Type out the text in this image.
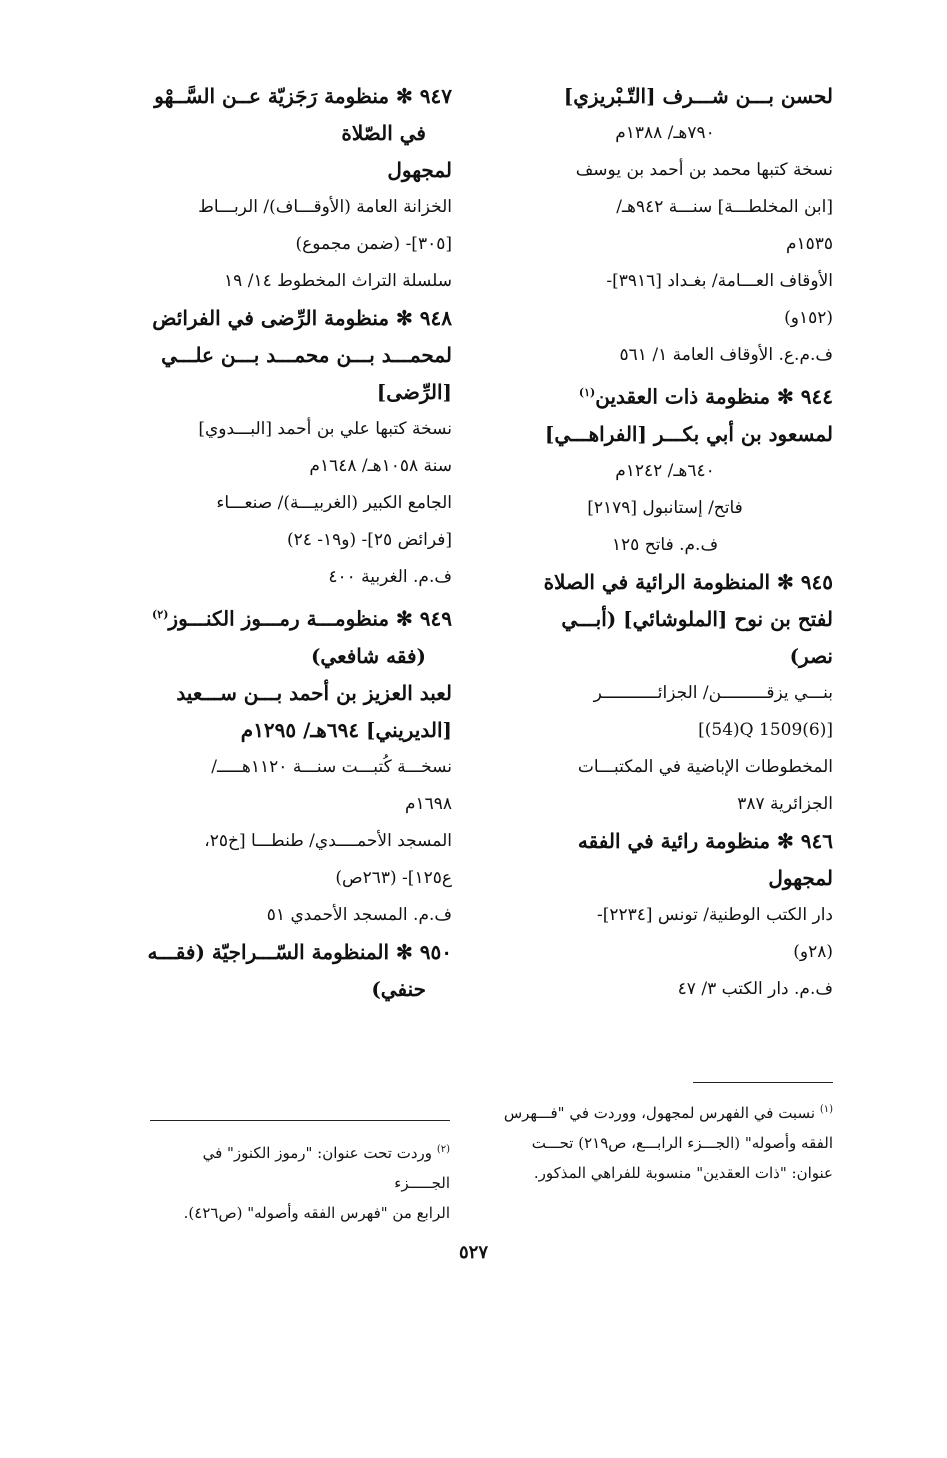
لحسن بـــن شـــرف [التّـبْريزي]

٧٩٠هـ/ ١٣٨٨م

نسخة كتبها محمد بن أحمد بن يوسف

[ابن المخلطـــة] سنـــة ٩٤٢هـ/

١٥٣٥م

الأوقاف العـــامة/ بغـداد [٣٩١٦]-

(١٥٢و)

ف.م.ع. الأوقاف العامة ١/ ٥٦١

٩٤٤ ✻ منظومة ذات العقدين$^{(١)}$

لمسعود بن أبي بكـــر [الفراهـــي]

٦٤٠هـ/ ١٢٤٢م

فاتح/ إستانبول [٢١٧٩]

ف.م. فاتح ١٢٥

٩٤٥ ✻ المنظومة الرائية في الصلاة

لفتح بن نوح [الملوشائي] (أبـــي

نصر)

بنـــي يزقـــــــــن/ الجزائـــــــــــر

[(54)Q 1509(6)]

المخطوطات الإباضية في المكتبـــات

الجزائرية ٣٨٧

٩٤٦ ✻ منظومة رائية في الفقه

لمجهول

دار الكتب الوطنية/ تونس [٢٢٣٤]-

(٢٨و)

ف.م. دار الكتب ٣/ ٤٧

٩٤٧ ✻ منظومة رَجَزيّة عــن السَّــهْو

في الصّلاة

لمجهول

الخزانة العامة (الأوقـــاف)/ الربـــاط

[٣٠٥]- (ضمن مجموع)

سلسلة التراث المخطوط ١٤/ ١٩

٩٤٨ ✻ منظومة الرِّضى في الفرائض

لمحمـــد بـــن محمـــد بـــن علـــي

[الرِّضى]

نسخة كتبها علي بن أحمد [البـــدوي]

سنة ١٠٥٨هـ/ ١٦٤٨م

الجامع الكبير (الغربيـــة)/ صنعـــاء

[فرائض ٢٥]- (و١٩- ٢٤)

ف.م. الغربية ٤٠٠

٩٤٩ ✻ منظومـــة رمـــوز الكنـــوز$^{(٢)}$

(فقه شافعي)

لعبد العزيز بن أحمد بـــن ســـعيد

[الديريني] ٦٩٤هـ/ ١٢٩٥م

نسخـــة كُتبـــت سنـــة ١١٢٠هـــــ/

١٦٩٨م

المسجد الأحمــــدي/ طنطـــا [خ٢٥،

ع١٢٥]- (٢٦٣ص)

ف.م. المسجد الأحمدي ٥١

٩٥٠ ✻ المنظومة السّـــراجيّة (فقـــه

حنفي)

$^{(١)}$ نسبت في الفهرس لمجهول، ووردت في "فـــهرس

الفقه وأصوله" (الجـــزء الرابـــع، ص٢١٩) تحـــت

عنوان: "ذات العقدين" منسوبة للفراهي المذكور.

$^{(٢)}$ وردت تحت عنوان: "رموز الكنوز" في الجـــــزء

الرابع من "فهرس الفقه وأصوله" (ص٤٢٦).

٥٢٧
